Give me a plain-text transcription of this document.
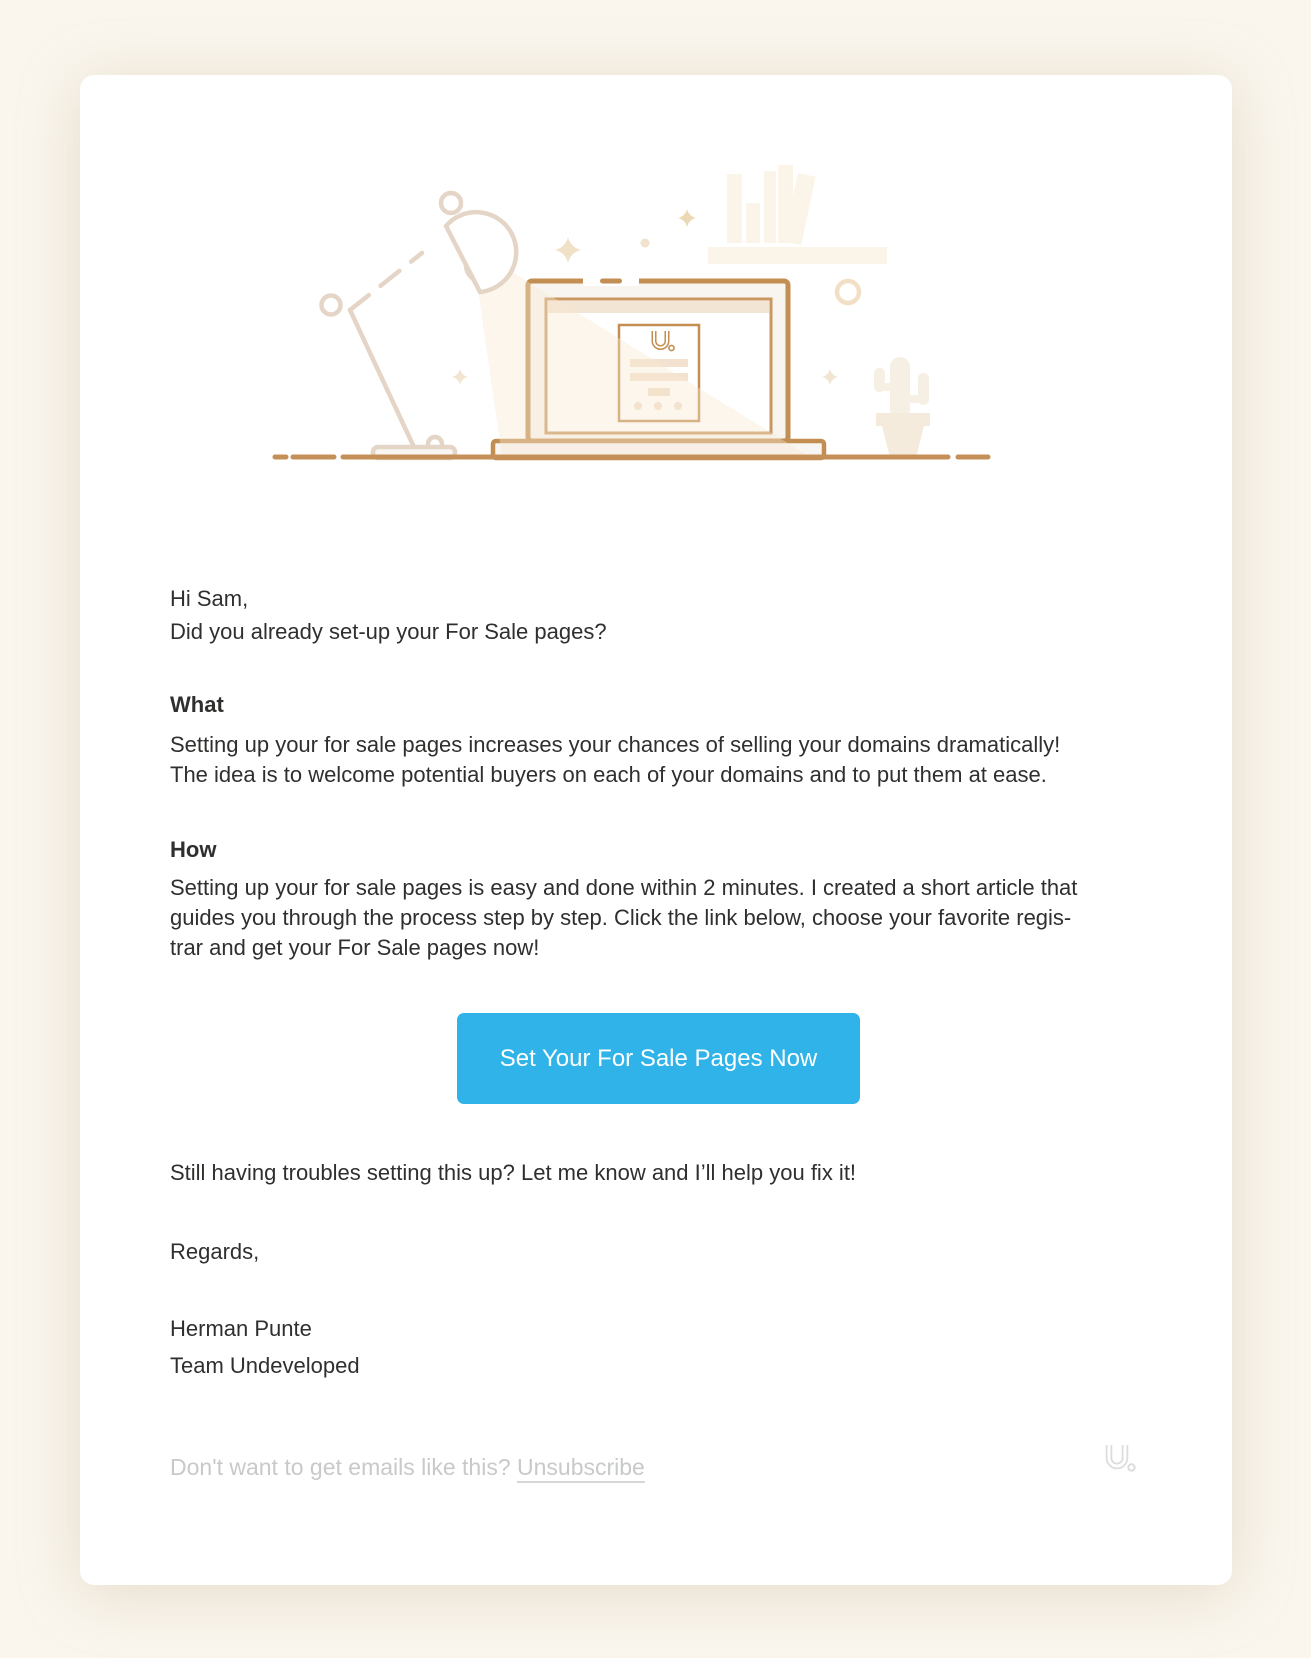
Hi Sam,
Did you already set-up your For Sale pages?
What
Setting up your for sale pages increases your chances of selling your domains dramatically!
The idea is to welcome potential buyers on each of your domains and to put them at ease.
How
Setting up your for sale pages is easy and done within 2 minutes. I created a short article that
guides you through the process step by step. Click the link below, choose your favorite regis-
trar and get your For Sale pages now!
Set Your For Sale Pages Now
Still having troubles setting this up? Let me know and I’ll help you fix it!
Regards,
Herman Punte
Team Undeveloped
Don't want to get emails like this? Unsubscribe
